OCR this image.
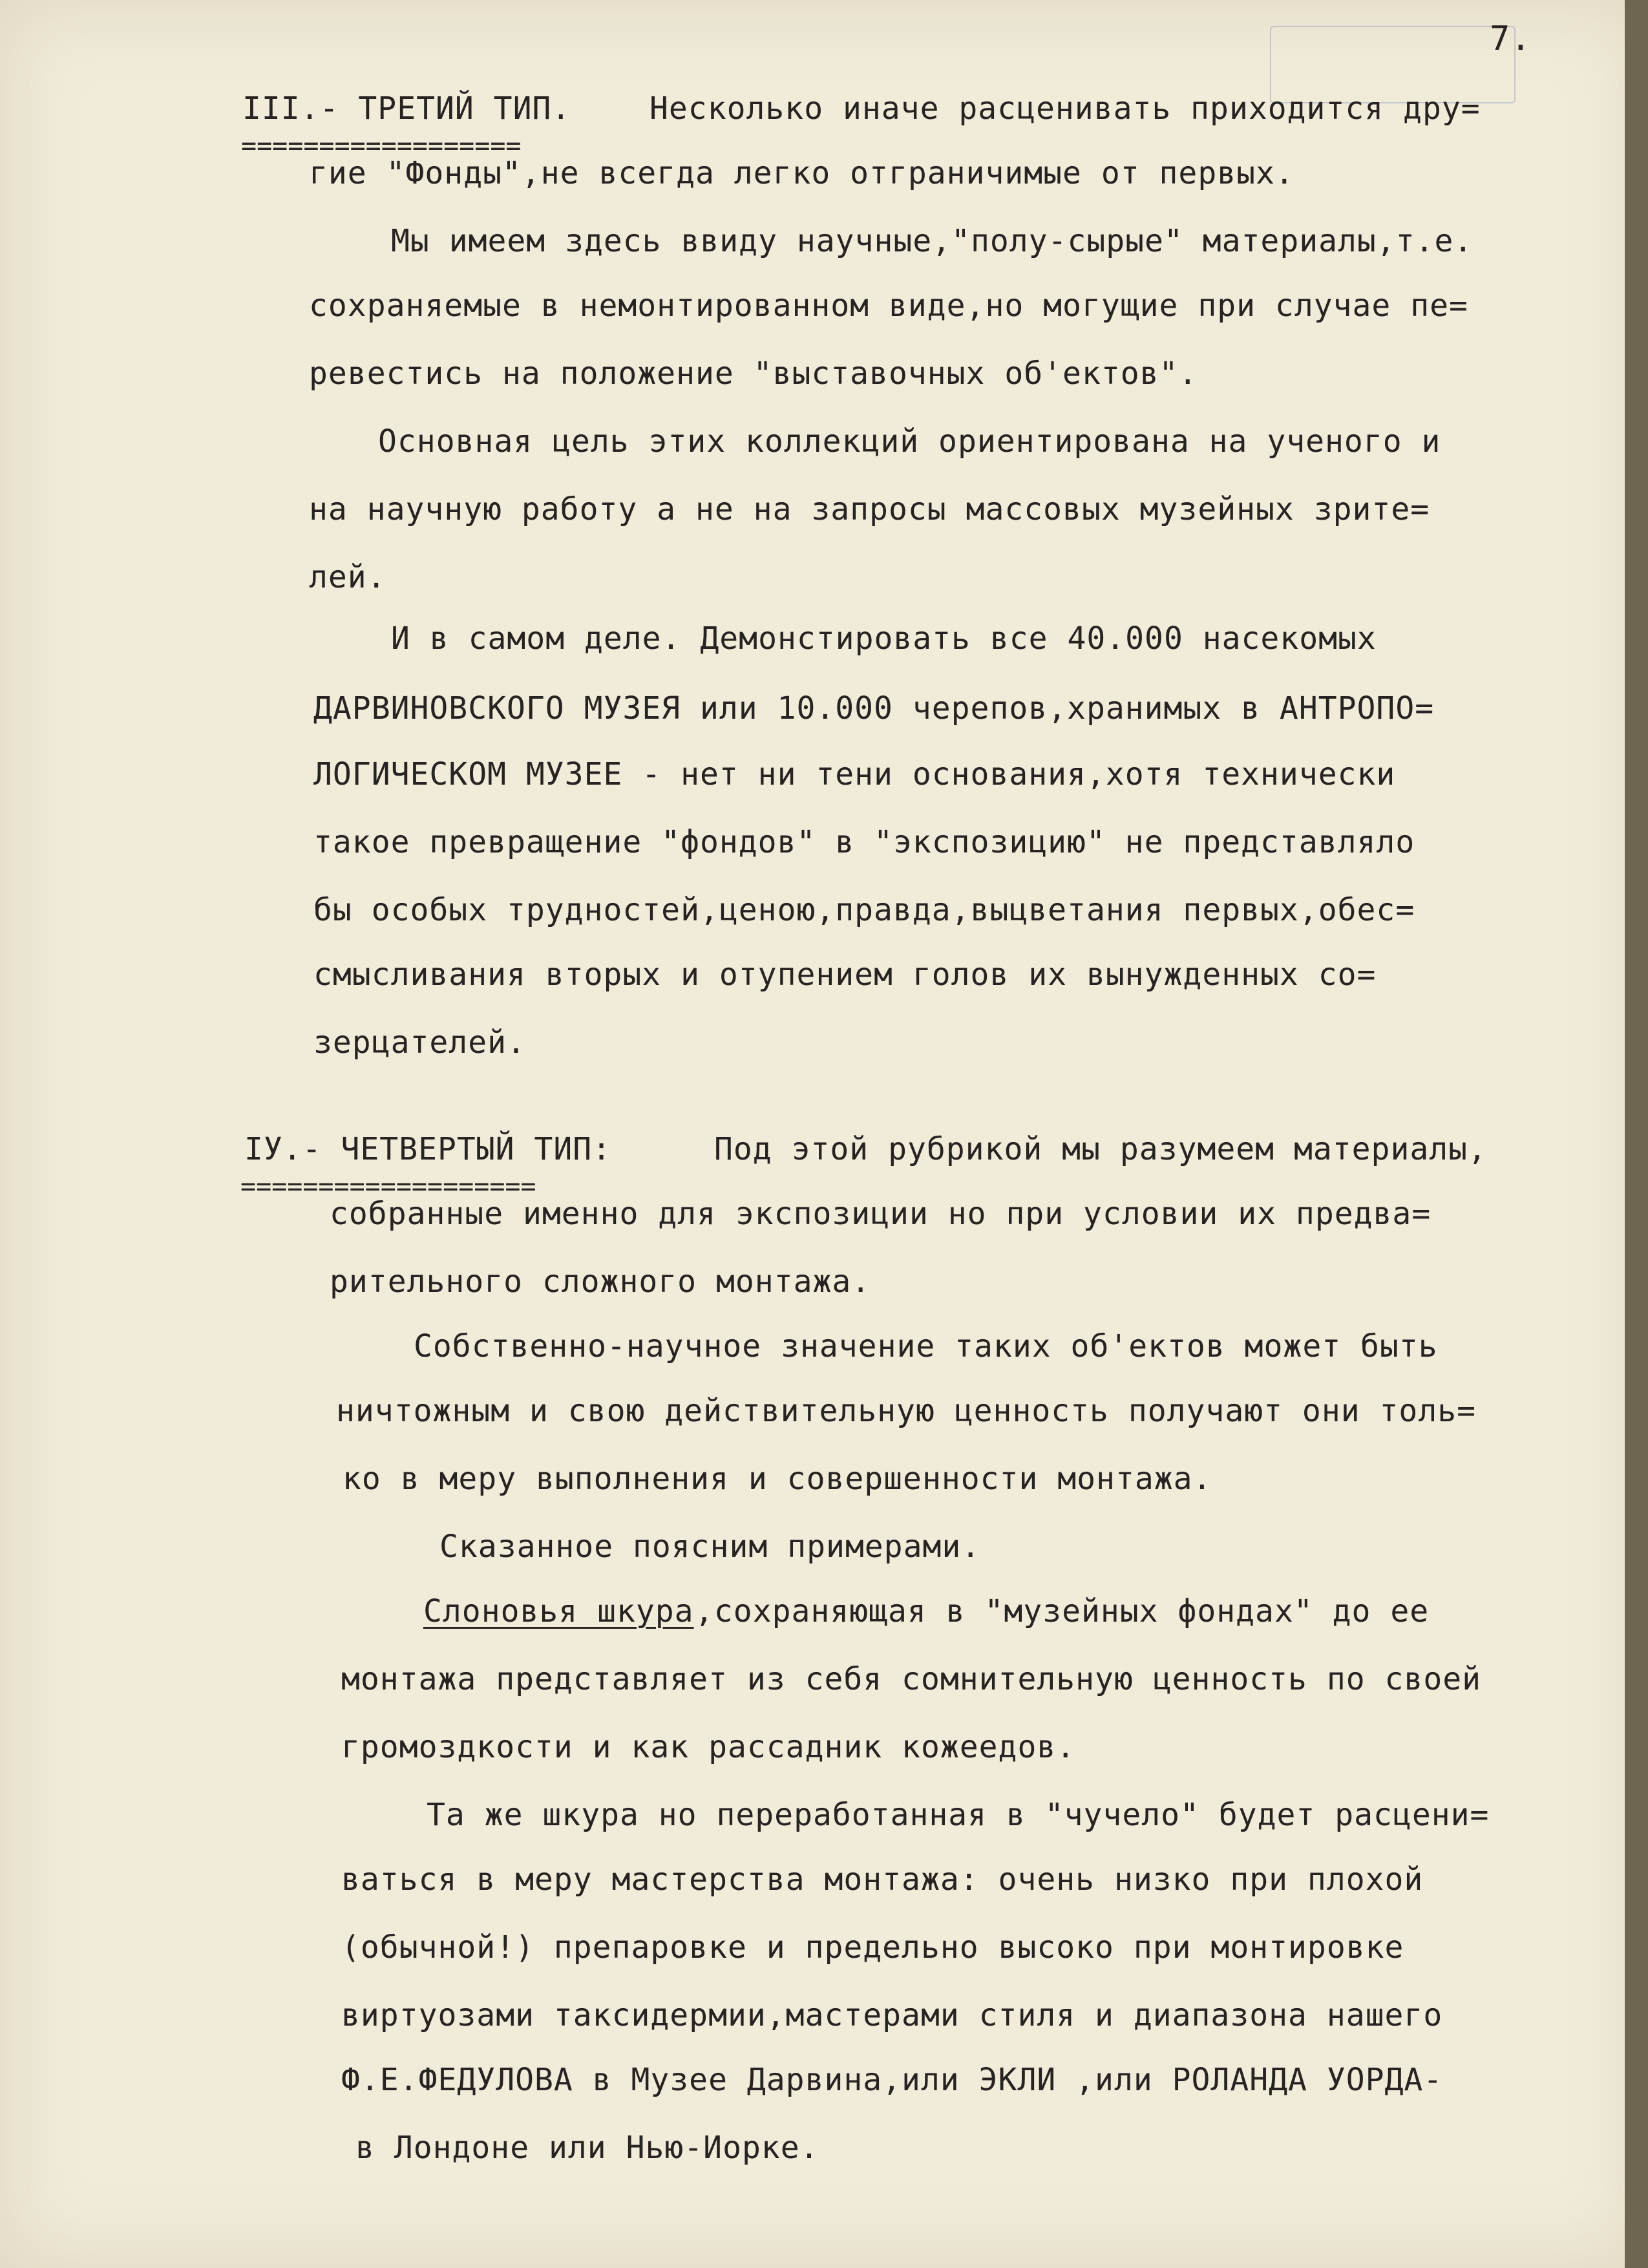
7.
III.- ТРЕТИЙ ТИП.
==================
Несколько иначе расценивать приходится дру=
гие "Фонды",не всегда легко отграничимые от первых.
Мы имеем здесь ввиду научные,"полу-сырые" материалы,т.е.
сохраняемые в немонтированном виде,но могущие при случае пе=
ревестись на положение "выставочных об'ектов".
Основная цель этих коллекций ориентирована на ученого и
на научную работу а не на запросы массовых музейных зрите=
лей.
И в самом деле. Демонстировать все 40.000 насекомых
ДАРВИНОВСКОГО МУЗЕЯ или 10.000 черепов,хранимых в АНТРОПО=
ЛОГИЧЕСКОМ МУЗЕЕ - нет ни тени основания,хотя технически
такое превращение "фондов" в "экспозицию" не представляло
бы особых трудностей,ценою,правда,выцветания первых,обес=
смысливания вторых и отупением голов их вынужденных со=
зерцателей.
IУ.- ЧЕТВЕРТЫЙ ТИП:
===================
Под этой рубрикой мы разумеем материалы,
собранные именно для экспозиции но при условии их предва=
рительного сложного монтажа.
Собственно-научное значение таких об'ектов может быть
ничтожным и свою действительную ценность получают они толь=
ко в меру выполнения и совершенности монтажа.
Сказанное поясним примерами.
Слоновья шкура ,сохраняющая в "музейных фондах" до ее
монтажа представляет из себя сомнительную ценность по своей
громоздкости и как рассадник кожеедов.
Та же шкура но переработанная в "чучело" будет расцени=
ваться в меру мастерства монтажа: очень низко при плохой
(обычной!) препаровке и предельно высоко при монтировке
виртуозами таксидермии,мастерами стиля и диапазона нашего
Ф.Е.ФЕДУЛОВА в Музее Дарвина,или ЭКЛИ ,или РОЛАНДА УОРДА-
в Лондоне или Нью-Иорке.
